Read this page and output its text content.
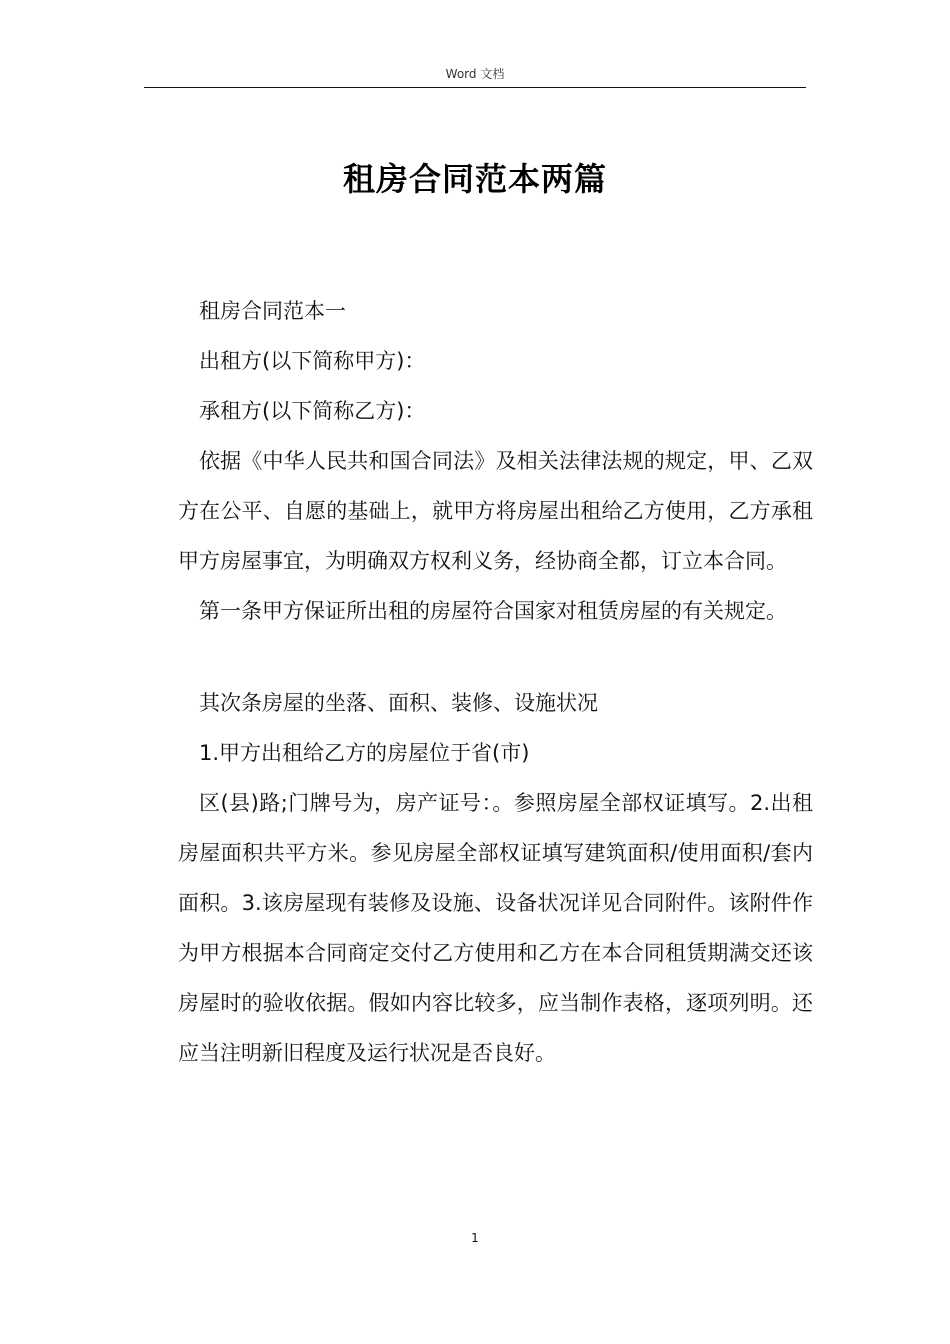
Word 文档
租房合同范本两篇

租房合同范本一

出租方(以下简称甲方)：

承租方(以下简称乙方)：

依据《中华人民共和国合同法》及相关法律法规的规定，甲、乙双方在公平、自愿的基础上，就甲方将房屋出租给乙方使用，乙方承租甲方房屋事宜，为明确双方权利义务，经协商全都，订立本合同。

第一条甲方保证所出租的房屋符合国家对租赁房屋的有关规定。

其次条房屋的坐落、面积、装修、设施状况

1.甲方出租给乙方的房屋位于省(市)

区(县)路;门牌号为，房产证号：。参照房屋全部权证填写。2.出租房屋面积共平方米。参见房屋全部权证填写建筑面积/使用面积/套内面积。3.该房屋现有装修及设施、设备状况详见合同附件。该附件作为甲方根据本合同商定交付乙方使用和乙方在本合同租赁期满交还该房屋时的验收依据。假如内容比较多，应当制作表格，逐项列明。还应当注明新旧程度及运行状况是否良好。

1
